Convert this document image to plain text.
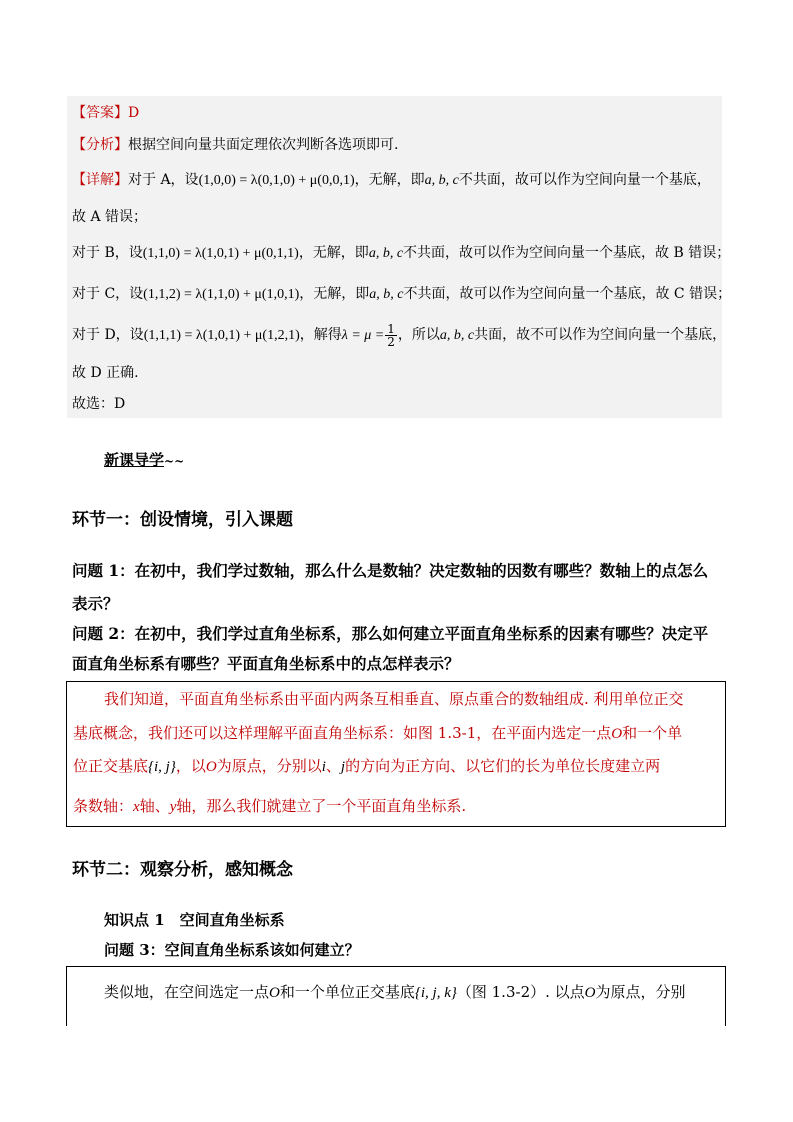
【答案】D
【分析】根据空间向量共面定理依次判断各选项即可.
【详解】对于 A，设(1,0,0) = λ(0,1,0) + μ(0,0,1)，无解，即a, b, c不共面，故可以作为空间向量一个基底，
故 A 错误；
对于 B，设(1,1,0) = λ(1,0,1) + μ(0,1,1)，无解，即a, b, c不共面，故可以作为空间向量一个基底，故 B 错误；
对于 C，设(1,1,2) = λ(1,1,0) + μ(1,0,1)，无解，即a, b, c不共面，故可以作为空间向量一个基底，故 C 错误；
对于 D，设(1,1,1) = λ(1,0,1) + μ(1,2,1)，解得$\lambda = \mu = \frac{1}{2}$ ，所以a, b, c共面，故不可以作为空间向量一个基底，
故 D 正确.
故选：D
新课导学~~
环节一：创设情境，引入课题
问题 1：在初中，我们学过数轴，那么什么是数轴？决定数轴的因数有哪些？数轴上的点怎么
表示？
问题 2：在初中，我们学过直角坐标系，那么如何建立平面直角坐标系的因素有哪些？决定平
面直角坐标系有哪些？平面直角坐标系中的点怎样表示？
我们知道，平面直角坐标系由平面内两条互相垂直、原点重合的数轴组成. 利用单位正交
基底概念，我们还可以这样理解平面直角坐标系：如图 1.3-1，在平面内选定一点O和一个单
位正交基底{i, j}，以O为原点，分别以i、j的方向为正方向、以它们的长为单位长度建立两
条数轴：x轴、y轴，那么我们就建立了一个平面直角坐标系.
环节二：观察分析，感知概念
知识点 1　空间直角坐标系
问题 3：空间直角坐标系该如何建立？
类似地，在空间选定一点O和一个单位正交基底{i, j, k}（图 1.3-2）. 以点O为原点，分别
